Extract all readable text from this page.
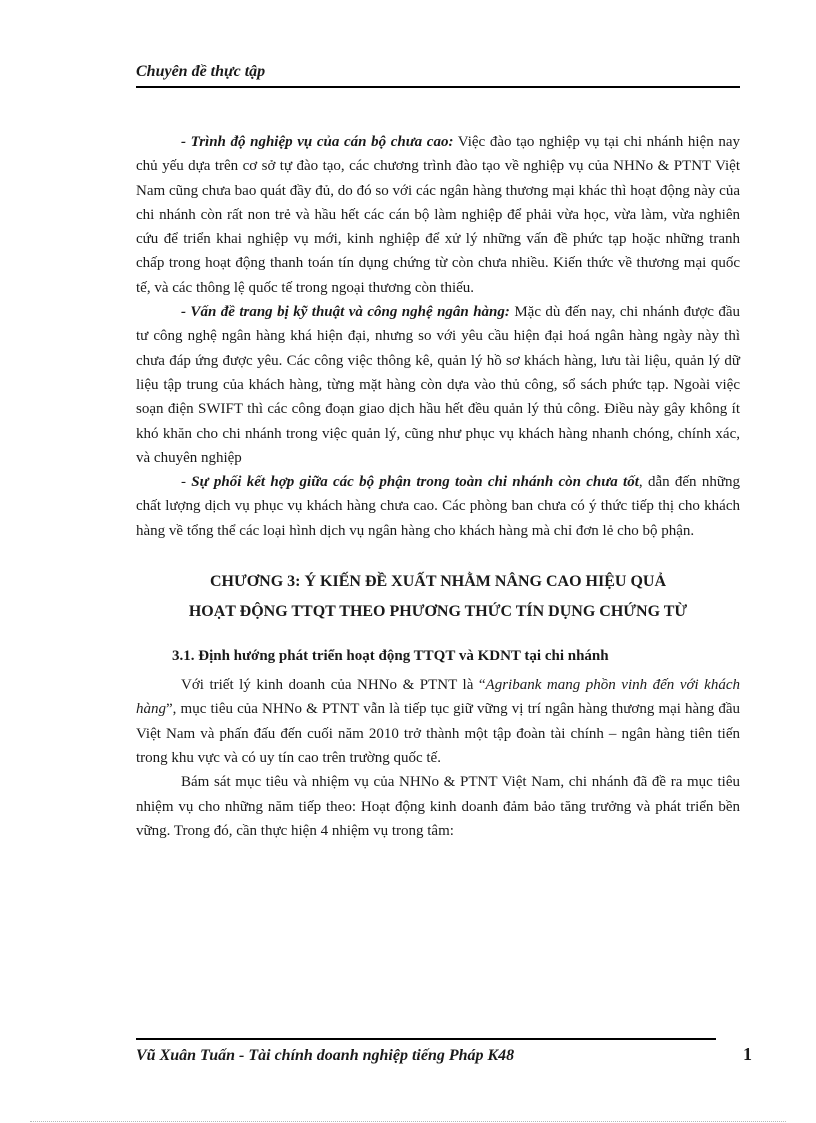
Chuyên đề thực tập

- Trình độ nghiệp vụ của cán bộ chưa cao: Việc đào tạo nghiệp vụ tại chi nhánh hiện nay chủ yếu dựa trên cơ sở tự đào tạo, các chương trình đào tạo về nghiệp vụ của NHNo & PTNT Việt Nam cũng chưa bao quát đầy đủ, do đó so với các ngân hàng thương mại khác thì hoạt động này của chi nhánh còn rất non trẻ và hầu hết các cán bộ làm nghiệp để phải vừa học, vừa làm, vừa nghiên cứu để triển khai nghiệp vụ mới, kinh nghiệp để xử lý những vấn đề phức tạp hoặc những tranh chấp trong hoạt động thanh toán tín dụng chứng từ còn chưa nhiều. Kiến thức về thương mại quốc tế, và các thông lệ quốc tế trong ngoại thương còn thiếu.

- Vấn đề trang bị kỹ thuật và công nghệ ngân hàng: Mặc dù đến nay, chi nhánh được đầu tư công nghệ ngân hàng khá hiện đại, nhưng so với yêu cầu hiện đại hoá ngân hàng ngày này thì chưa đáp ứng được yêu. Các công việc thông kê, quản lý hồ sơ khách hàng, lưu tài liệu, quản lý dữ liệu tập trung của khách hàng, từng mặt hàng còn dựa vào thủ công, sổ sách phức tạp. Ngoài việc soạn điện SWIFT thì các công đoạn giao dịch hầu hết đều quản lý thủ công. Điều này gây không ít khó khăn cho chi nhánh trong việc quản lý, cũng như phục vụ khách hàng nhanh chóng, chính xác, và chuyên nghiệp

- Sự phối kết hợp giữa các bộ phận trong toàn chi nhánh còn chưa tốt, dẫn đến những chất lượng dịch vụ phục vụ khách hàng chưa cao. Các phòng ban chưa có ý thức tiếp thị cho khách hàng về tổng thể các loại hình dịch vụ ngân hàng cho khách hàng mà chỉ đơn lẻ cho bộ phận.

CHƯƠNG 3: Ý KIẾN ĐỀ XUẤT NHẰM NÂNG CAO HIỆU QUẢ
HOẠT ĐỘNG TTQT THEO PHƯƠNG THỨC TÍN DỤNG CHỨNG TỪ
3.1. Định hướng phát triển hoạt động TTQT và KDNT tại chi nhánh

Với triết lý kinh doanh của NHNo & PTNT là “Agribank mang phồn vinh đến với khách hàng”, mục tiêu của NHNo & PTNT vẫn là tiếp tục giữ vững vị trí ngân hàng thương mại hàng đầu Việt Nam và phấn đấu đến cuối năm 2010 trở thành một tập đoàn tài chính – ngân hàng tiên tiến trong khu vực và có uy tín cao trên trường quốc tế.

Bám sát mục tiêu và nhiệm vụ của NHNo & PTNT Việt Nam, chi nhánh đã đề ra mục tiêu nhiệm vụ cho những năm tiếp theo: Hoạt động kinh doanh đảm bảo tăng trưởng và phát triển bền vững. Trong đó, cần thực hiện 4 nhiệm vụ trong tâm:

Vũ Xuân Tuấn - Tài chính doanh nghiệp tiếng Pháp K48	1
